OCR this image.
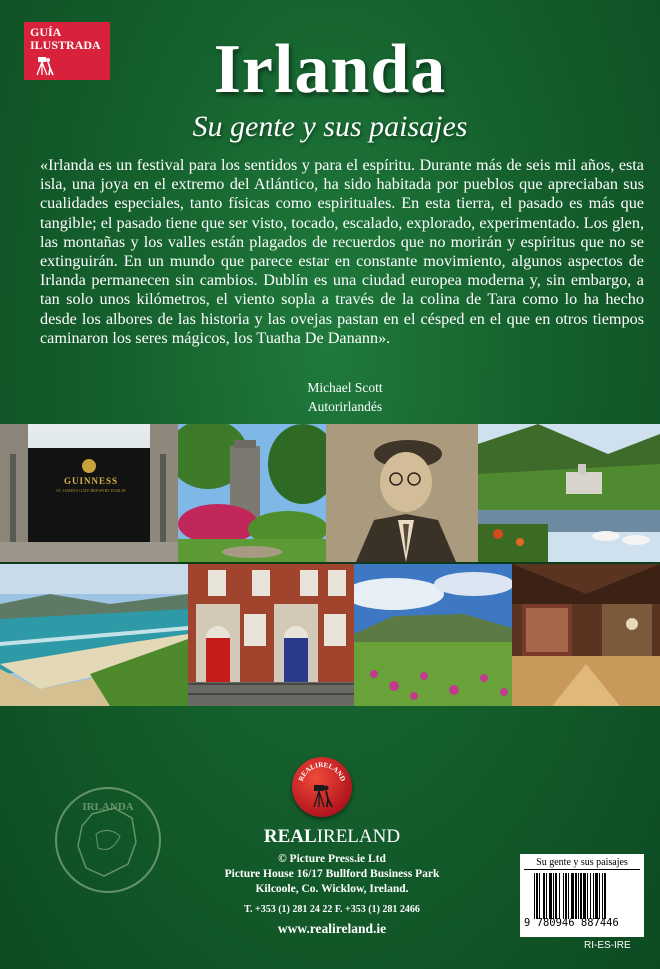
GUÍA
ILUSTRADA	Irlanda
Su gente y sus paisajes

«Irlanda es un festival para los sentidos y para el espíritu. Durante más de seis mil años, esta isla, una joya en el extremo del Atlántico, ha sido habitada por pueblos que apreciaban sus cualidades especiales, tanto físicas como espirituales. En esta tierra, el pasado es más que tangible; el pasado tiene que ser visto, tocado, escalado, explorado, experimentado. Los glen, las montañas y los valles están plagados de recuerdos que no morirán y espíritus que no se extinguirán. En un mundo que parece estar en constante movimiento, algunos aspectos de Irlanda permanecen sin cambios. Dublín es una ciudad europea moderna y, sin embargo, a tan solo unos kilómetros, el viento sopla a través de la colina de Tara como lo ha hecho desde los albores de las historia y las ovejas pastan en el césped en el que en otros tiempos caminaron los seres mágicos, los Tuatha De Danann».

Michael Scott
Autorirlandés
GUINNESS
ST. JAMES'S GATE BREWERY DUBLIN
IRLANDA
REALIRELAND
REALIRELAND
© Picture Press.ie Ltd
Picture House 16/17 Bullford Business Park
Kilcoole, Co. Wicklow, Ireland.
T. +353 (1) 281 24 22 F. +353 (1) 281 2466
www.realireland.ie
Su gente y sus paisajes
9 780946 887446
RI-ES-IRE
